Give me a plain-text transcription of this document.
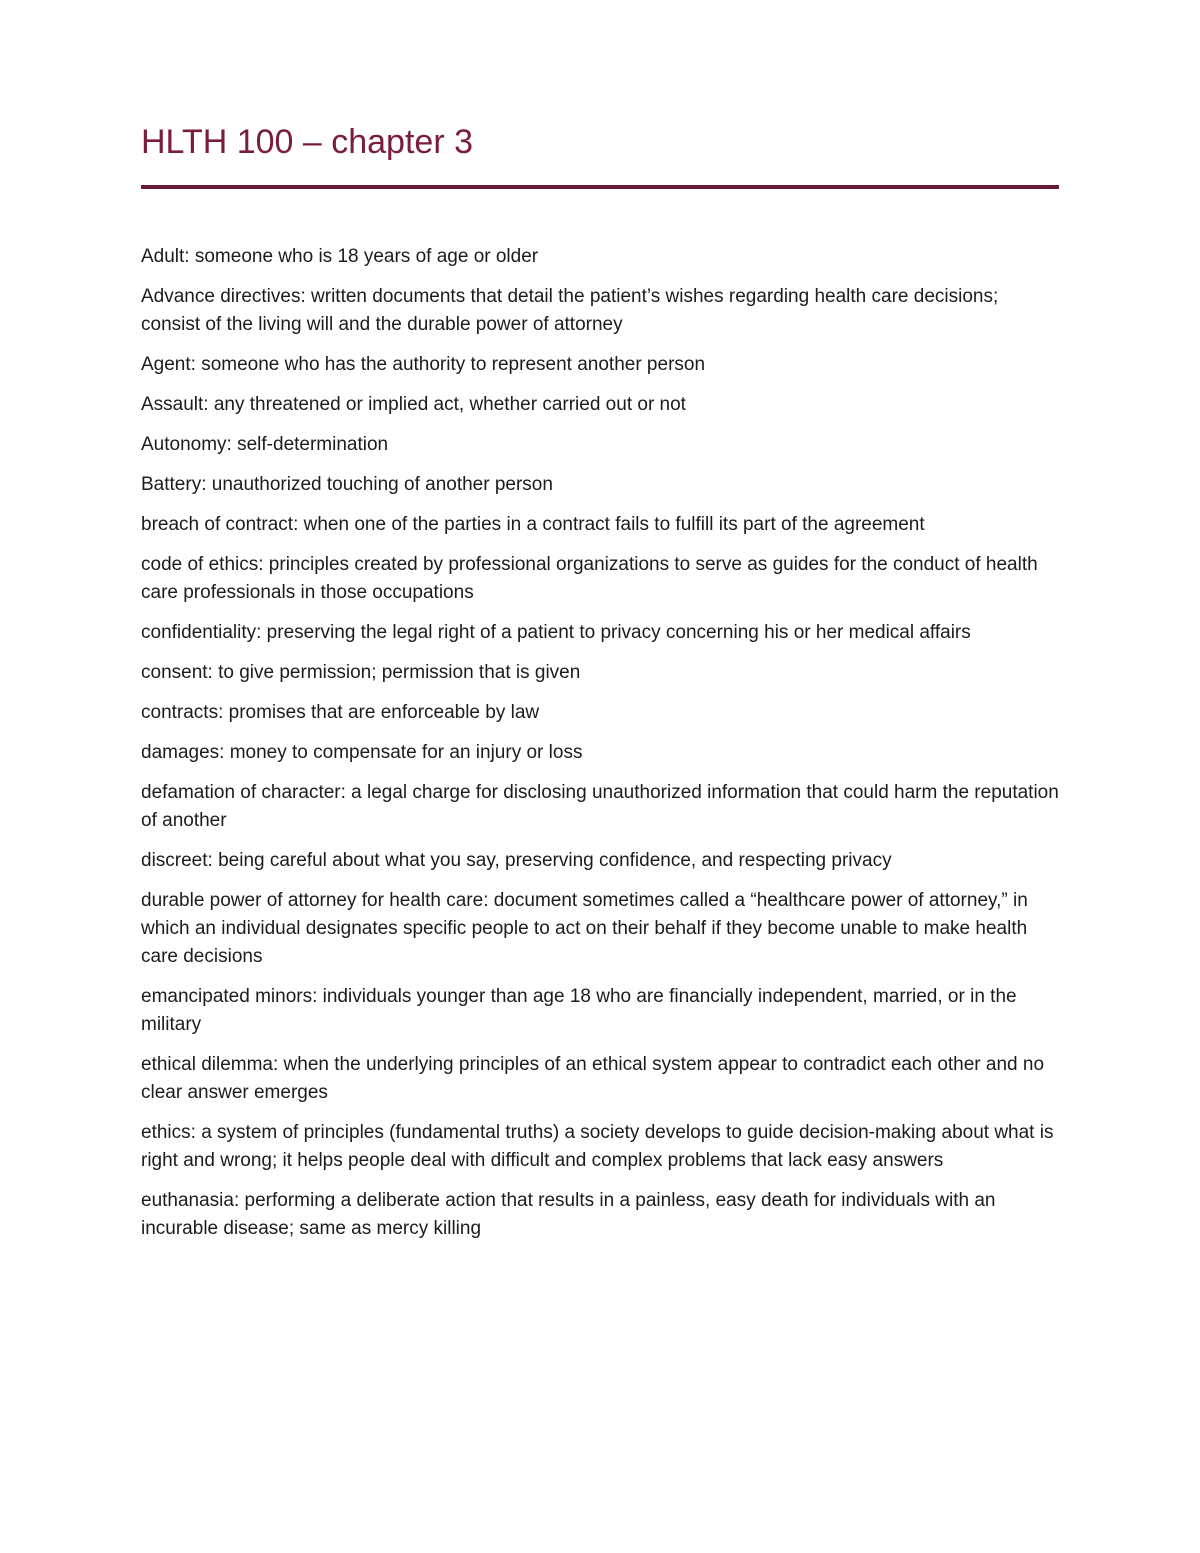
HLTH 100 – chapter 3
Adult: someone who is 18 years of age or older
Advance directives: written documents that detail the patient’s wishes regarding health care decisions; consist of the living will and the durable power of attorney
Agent: someone who has the authority to represent another person
Assault: any threatened or implied act, whether carried out or not
Autonomy: self-determination
Battery: unauthorized touching of another person
breach of contract: when one of the parties in a contract fails to fulfill its part of the agreement
code of ethics: principles created by professional organizations to serve as guides for the conduct of health care professionals in those occupations
confidentiality: preserving the legal right of a patient to privacy concerning his or her medical affairs
consent: to give permission; permission that is given
contracts: promises that are enforceable by law
damages: money to compensate for an injury or loss
defamation of character: a legal charge for disclosing unauthorized information that could harm the reputation of another
discreet: being careful about what you say, preserving confidence, and respecting privacy
durable power of attorney for health care: document sometimes called a “healthcare power of attorney,” in which an individual designates specific people to act on their behalf if they become unable to make health care decisions
emancipated minors: individuals younger than age 18 who are financially independent, married, or in the military
ethical dilemma: when the underlying principles of an ethical system appear to contradict each other and no clear answer emerges
ethics: a system of principles (fundamental truths) a society develops to guide decision-making about what is right and wrong; it helps people deal with difficult and complex problems that lack easy answers
euthanasia: performing a deliberate action that results in a painless, easy death for individuals with an incurable disease; same as mercy killing
